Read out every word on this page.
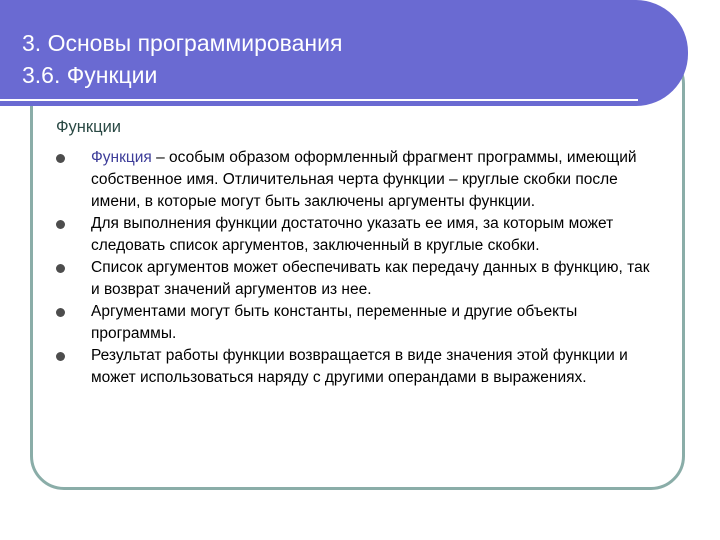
3. Основы программирования
3.6. Функции
Функции
Функция – особым образом оформленный фрагмент программы, имеющий собственное имя. Отличительная черта функции – круглые скобки после имени, в которые могут быть заключены аргументы функции.
Для выполнения функции достаточно указать ее имя, за которым может следовать список аргументов, заключенный в круглые скобки.
Список аргументов может обеспечивать как передачу данных в функцию, так и возврат значений аргументов из нее.
Аргументами могут быть константы, переменные и другие объекты программы.
Результат работы функции возвращается в виде значения этой функции и может использоваться наряду с другими операндами в выражениях.
